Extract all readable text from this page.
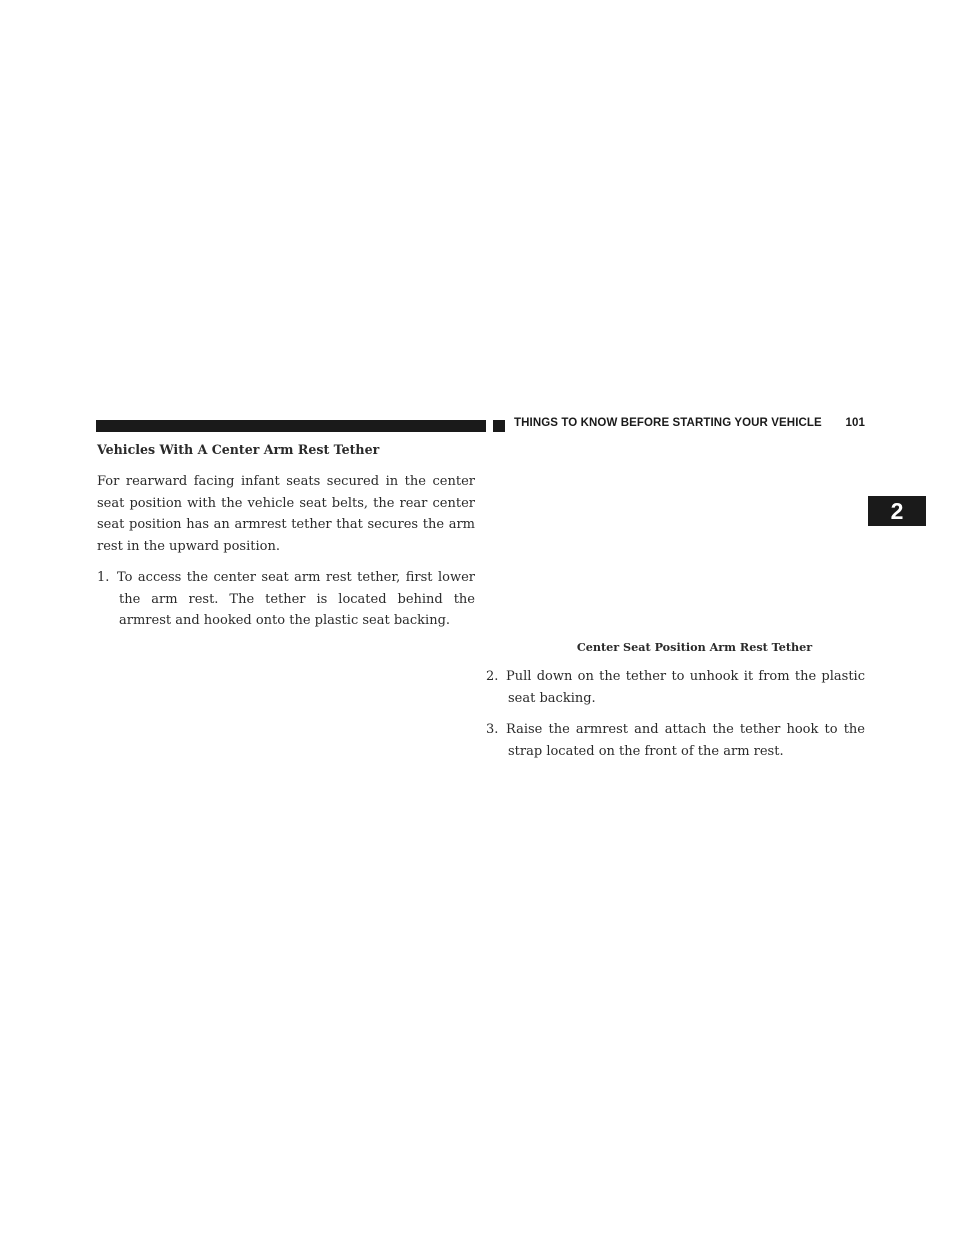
THINGS TO KNOW BEFORE STARTING YOUR VEHICLE 101
2
Vehicles With A Center Arm Rest Tether

For rearward facing infant seats secured in the center seat position with the vehicle seat belts, the rear center seat position has an armrest tether that secures the arm rest in the upward position.

1. To access the center seat arm rest tether, first lower the arm rest. The tether is located behind the armrest and hooked onto the plastic seat backing.

Center Seat Position Arm Rest Tether

2. Pull down on the tether to unhook it from the plastic seat backing.

3. Raise the armrest and attach the tether hook to the strap located on the front of the arm rest.
